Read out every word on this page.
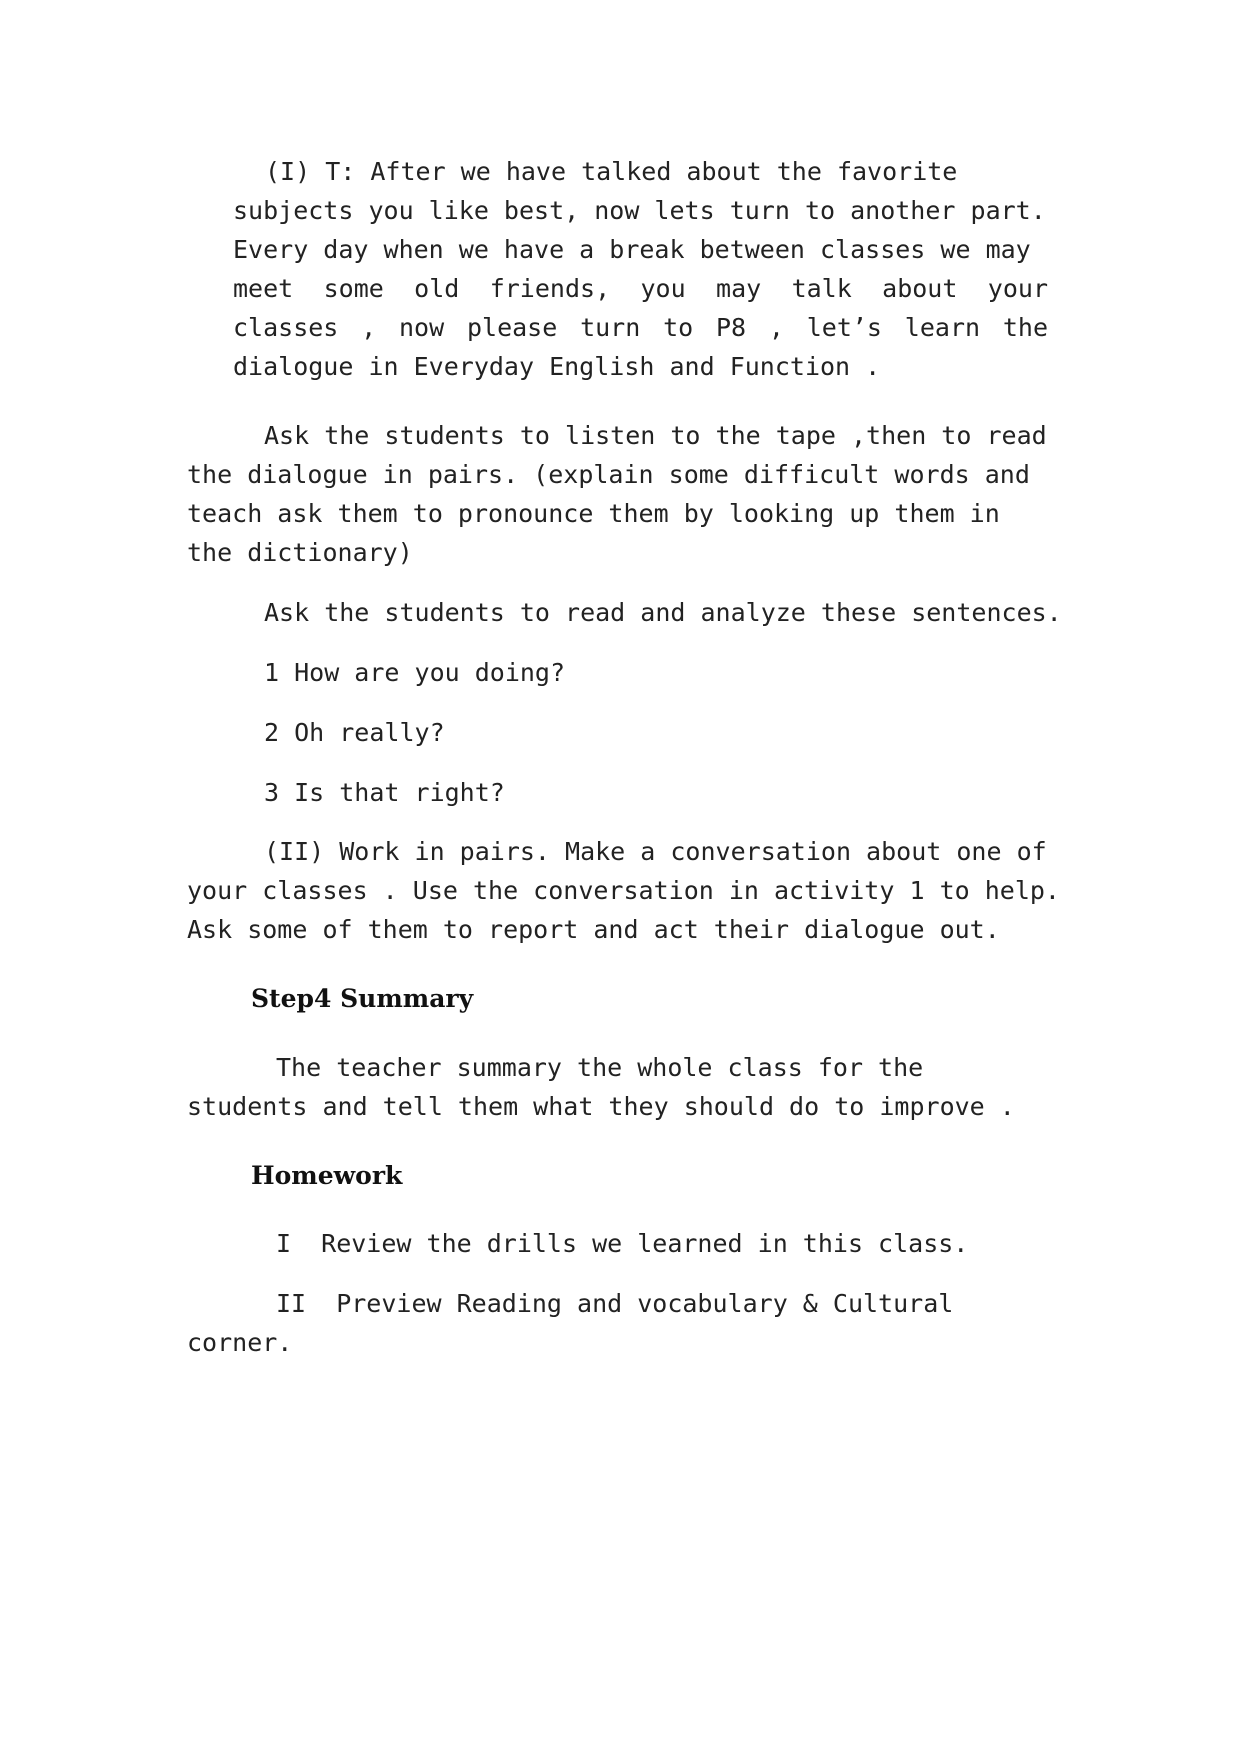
(I) T: After we have talked about the favorite
subjects you like best, now lets turn to another part.
Every day when we have a break between classes we may
meet some old friends, you may talk about your
classes , now please turn to P8 , let’s learn the
dialogue in Everyday English and Function .
Ask the students to listen to the tape ,then to read
the dialogue in pairs. (explain some difficult words and
teach ask them to pronounce them by looking up them in
the dictionary)
Ask the students to read and analyze these sentences.
1 How are you doing?
2 Oh really?
3 Is that right?
(II) Work in pairs. Make a conversation about one of
your classes . Use the conversation in activity 1 to help.
Ask some of them to report and act their dialogue out.
Step4 Summary
The teacher summary the whole class for the
students and tell them what they should do to improve .
Homework
I  Review the drills we learned in this class.
II  Preview Reading and vocabulary & Cultural
corner.
